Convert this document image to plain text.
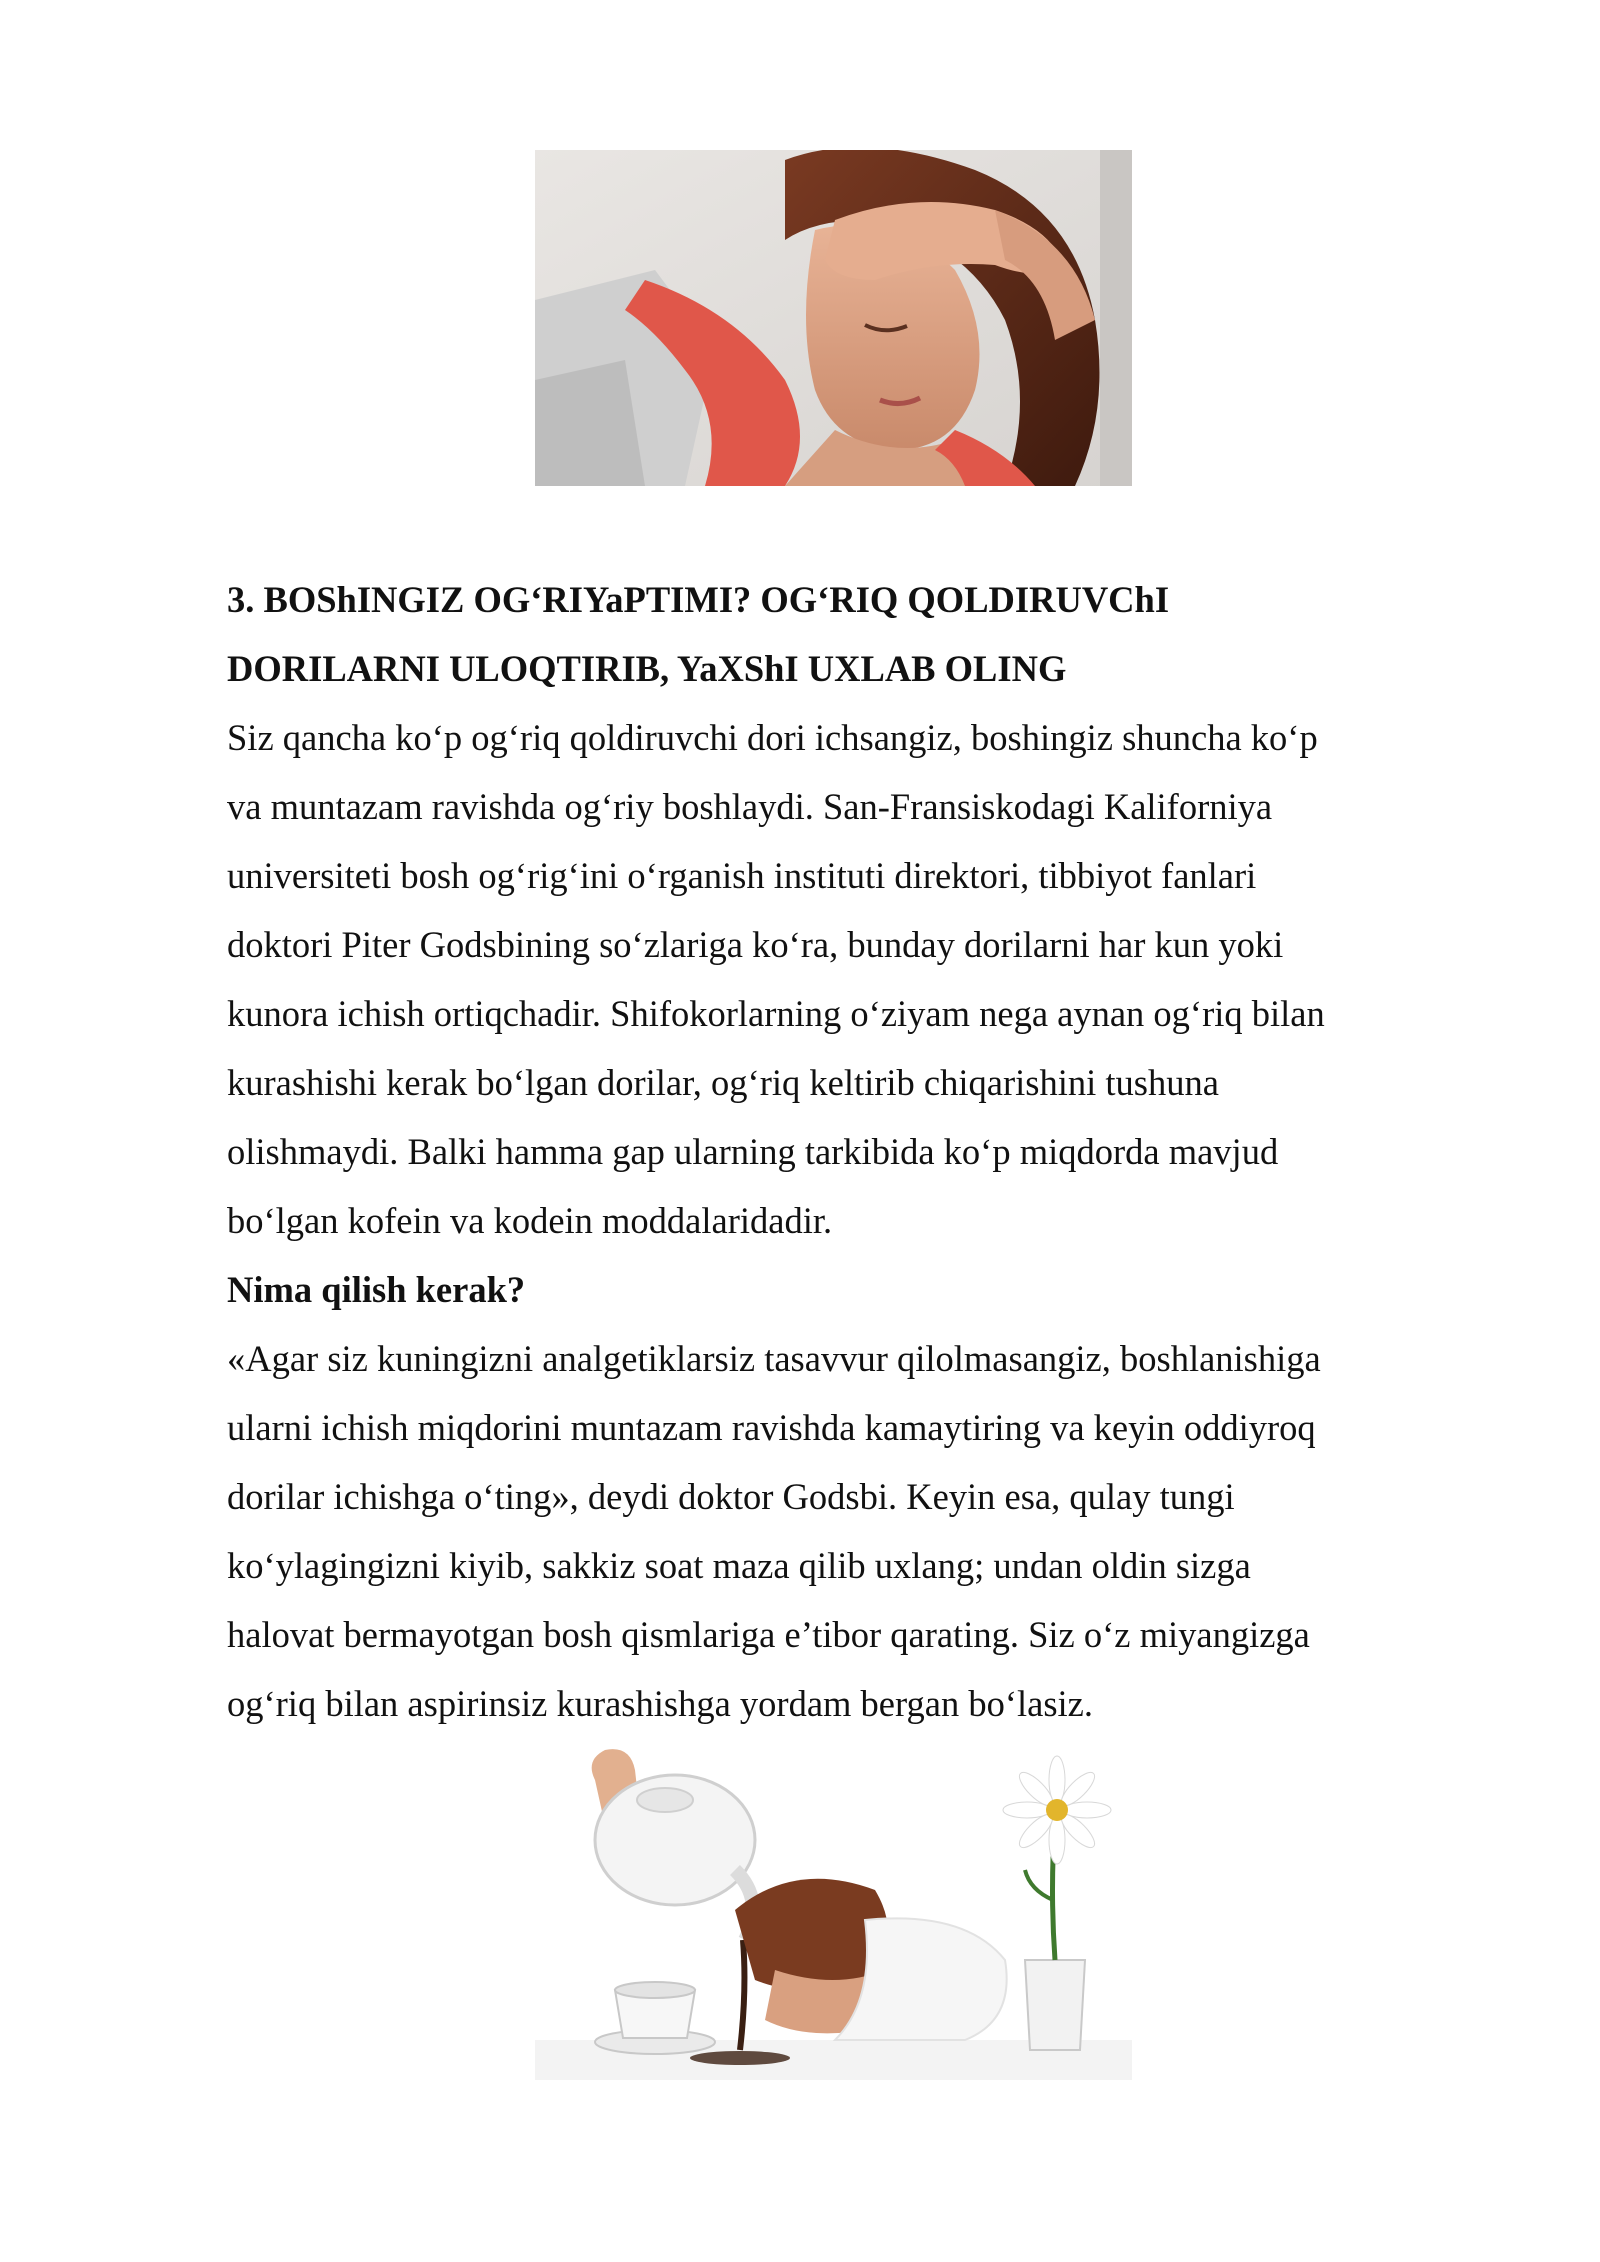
3. BOShINGIZ OG‘RIYaPTIMI? OG‘RIQ QOLDIRUVChI
DORILARNI ULOQTIRIB, YaXShI UXLAB OLING

Siz qancha ko‘p og‘riq qoldiruvchi dori ichsangiz, boshingiz shuncha ko‘p
va muntazam ravishda og‘riy boshlaydi. San-Fransiskodagi Kaliforniya
universiteti bosh og‘rig‘ini o‘rganish instituti direktori, tibbiyot fanlari
doktori Piter Godsbining so‘zlariga ko‘ra, bunday dorilarni har kun yoki
kunora ichish ortiqchadir. Shifokorlarning o‘ziyam nega aynan og‘riq bilan
kurashishi kerak bo‘lgan dorilar, og‘riq keltirib chiqarishini tushuna
olishmaydi. Balki hamma gap ularning tarkibida ko‘p miqdorda mavjud
bo‘lgan kofein va kodein moddalaridadir.

Nima qilish kerak?

«Agar siz kuningizni analgetiklarsiz tasavvur qilolmasangiz, boshlanishiga
ularni ichish miqdorini muntazam ravishda kamaytiring va keyin oddiyroq
dorilar ichishga o‘ting», deydi doktor Godsbi. Keyin esa, qulay tungi
ko‘ylagingizni kiyib, sakkiz soat maza qilib uxlang; undan oldin sizga
halovat bermayotgan bosh qismlariga e’tibor qarating. Siz o‘z miyangizga
og‘riq bilan aspirinsiz kurashishga yordam bergan bo‘lasiz.
